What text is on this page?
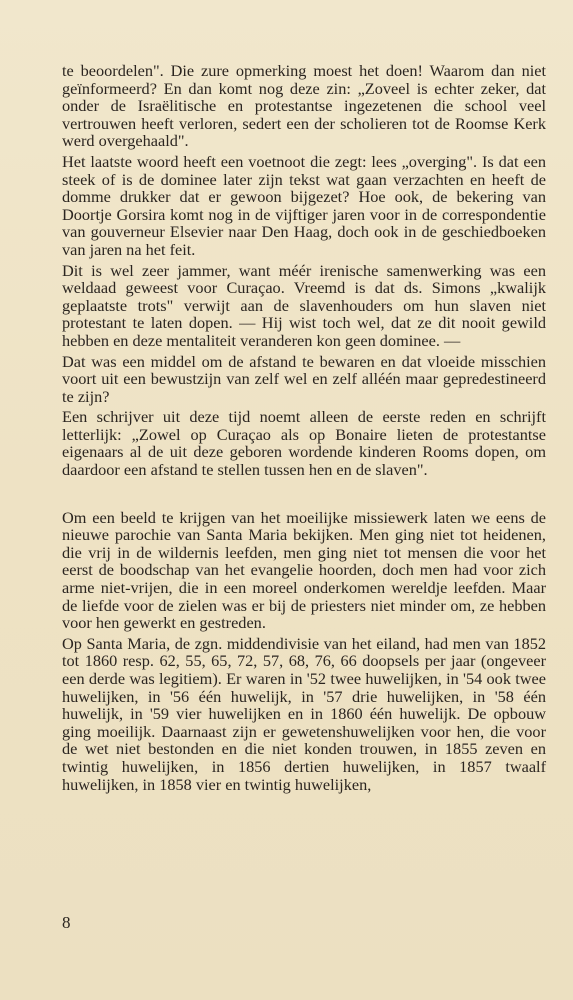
te beoordelen". Die zure opmerking moest het doen! Waarom dan niet geïnformeerd? En dan komt nog deze zin: „Zoveel is echter zeker, dat onder de Israëlitische en protestantse ingezetenen die school veel vertrouwen heeft verloren, sedert een der scholieren tot de Roomse Kerk werd overgehaald".

Het laatste woord heeft een voetnoot die zegt: lees „overging". Is dat een steek of is de dominee later zijn tekst wat gaan verzachten en heeft de domme drukker dat er gewoon bijgezet? Hoe ook, de bekering van Doortje Gorsira komt nog in de vijftiger jaren voor in de correspondentie van gouverneur Elsevier naar Den Haag, doch ook in de geschiedboeken van jaren na het feit.

Dit is wel zeer jammer, want méér irenische samenwerking was een weldaad geweest voor Curaçao. Vreemd is dat ds. Simons „kwalijk geplaatste trots" verwijt aan de slavenhouders om hun slaven niet protestant te laten dopen. — Hij wist toch wel, dat ze dit nooit gewild hebben en deze mentaliteit veranderen kon geen dominee. —

Dat was een middel om de afstand te bewaren en dat vloeide misschien voort uit een bewustzijn van zelf wel en zelf alléén maar gepredestineerd te zijn?

Een schrijver uit deze tijd noemt alleen de eerste reden en schrijft letterlijk: „Zowel op Curaçao als op Bonaire lieten de protestantse eigenaars al de uit deze geboren wordende kinderen Rooms dopen, om daardoor een afstand te stellen tussen hen en de slaven".

Om een beeld te krijgen van het moeilijke missiewerk laten we eens de nieuwe parochie van Santa Maria bekijken. Men ging niet tot heidenen, die vrij in de wildernis leefden, men ging niet tot mensen die voor het eerst de boodschap van het evangelie hoorden, doch men had voor zich arme niet-vrijen, die in een moreel onderkomen wereldje leefden. Maar de liefde voor de zielen was er bij de priesters niet minder om, ze hebben voor hen gewerkt en gestreden.

Op Santa Maria, de zgn. middendivisie van het eiland, had men van 1852 tot 1860 resp. 62, 55, 65, 72, 57, 68, 76, 66 doopsels per jaar (ongeveer een derde was legitiem). Er waren in '52 twee huwelijken, in '54 ook twee huwelijken, in '56 één huwelijk, in '57 drie huwelijken, in '58 één huwelijk, in '59 vier huwelijken en in 1860 één huwelijk. De opbouw ging moeilijk. Daarnaast zijn er gewetenshuwelijken voor hen, die voor de wet niet bestonden en die niet konden trouwen, in 1855 zeven en twintig huwelijken, in 1856 dertien huwelijken, in 1857 twaalf huwelijken, in 1858 vier en twintig huwelijken,

8
